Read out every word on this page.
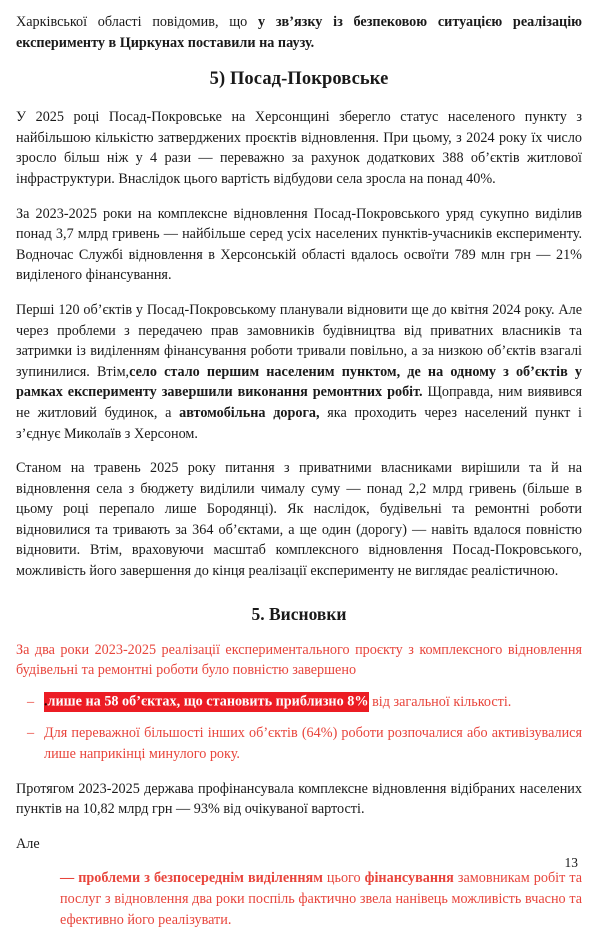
Харківської області повідомив, що у зв’язку із безпековою ситуацією реалізацію експерименту в Циркунах поставили на паузу.

5) Посад-Покровське

У 2025 році Посад-Покровське на Херсонщині зберегло статус населеного пункту з найбільшою кількістю затверджених проєктів відновлення. При цьому, з 2024 року їх число зросло більш ніж у 4 рази — переважно за рахунок додаткових 388 об’єктів житлової інфраструктури. Внаслідок цього вартість відбудови села зросла на понад 40%.

За 2023-2025 роки на комплексне відновлення Посад-Покровського уряд сукупно виділив понад 3,7 млрд гривень — найбільше серед усіх населених пунктів-учасників експерименту. Водночас Службі відновлення в Херсонській області вдалось освоїти 789 млн грн — 21% виділеного фінансування.

Перші 120 об’єктів у Посад-Покровському планували відновити ще до квітня 2024 року. Але через проблеми з передачею прав замовників будівництва від приватних власників та затримки із виділенням фінансування роботи тривали повільно, а за низкою об’єктів взагалі зупинилися. Втім,село стало першим населеним пунктом, де на одному з об’єктів у рамках експерименту завершили виконання ремонтних робіт. Щоправда, ним виявився не житловий будинок, а автомобільна дорога, яка проходить через населений пункт і з’єднує Миколаїв з Херсоном.

Станом на травень 2025 року питання з приватними власниками вирішили та й на відновлення села з бюджету виділили чималу суму — понад 2,2 млрд гривень (більше в цьому році перепало лише Бородянці). Як наслідок, будівельні та ремонтні роботи відновилися та тривають за 364 об’єктами, а ще один (дорогу) — навіть вдалося повністю відновити. Втім, враховуючи масштаб комплексного відновлення Посад-Покровського, можливість його завершення до кінця реалізації експерименту не виглядає реалістичною.

5. Висновки

За два роки 2023-2025 реалізації експериментального проєкту з комплексного відновлення будівельні та ремонтні роботи було повністю завершено

– .лише на 58 об’єктах, що становить приблизно 8% від загальної кількості.
– Для переважної більшості інших об’єктів (64%) роботи розпочалися або активізувалися лише наприкінці минулого року.

Протягом 2023-2025 держава профінансувала комплексне відновлення відібраних населених пунктів на 10,82 млрд грн — 93% від очікуваної вартості.

Але

— проблеми з безпосереднім виділенням цього фінансування замовникам робіт та послуг з відновлення два роки поспіль фактично звела нанівець можливість вчасно та ефективно його реалізувати.

13
